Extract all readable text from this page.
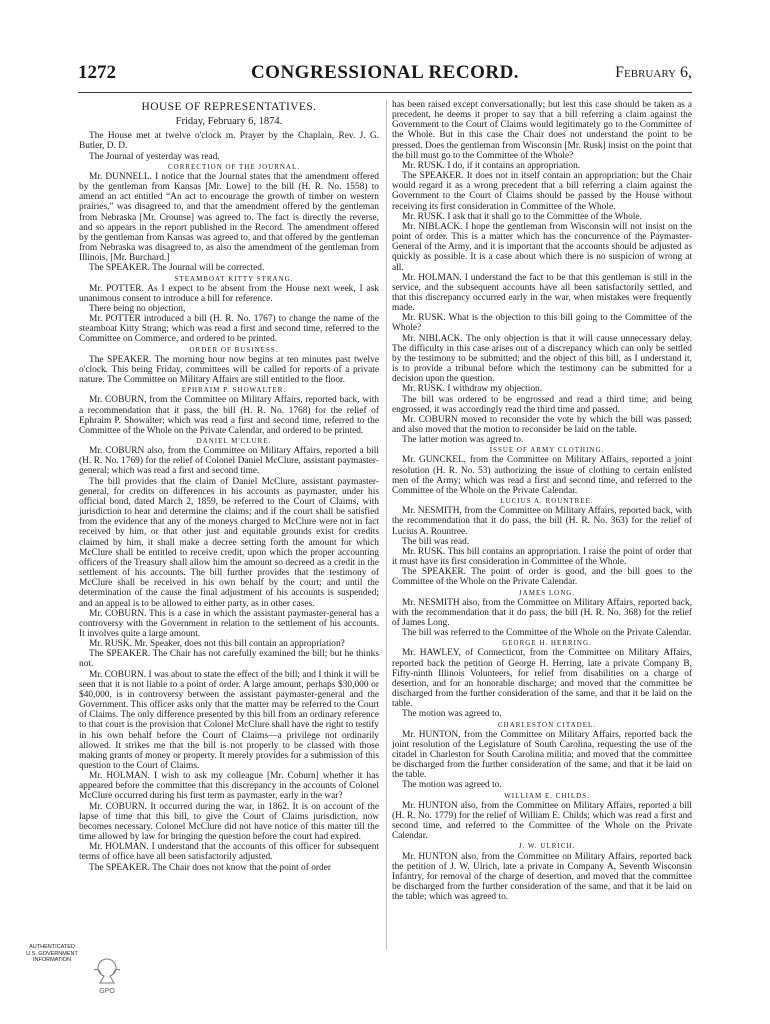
1272	CONGRESSIONAL RECORD.	February 6,
HOUSE OF REPRESENTATIVES.
Friday, February 6, 1874.

The House met at twelve o'clock m. Prayer by the Chaplain, Rev. J. G. Butler, D. D.

The Journal of yesterday was read.

CORRECTION OF THE JOURNAL.

Mr. DUNNELL. I notice that the Journal states that the amendment offered by the gentleman from Kansas [Mr. Lowe] to the bill (H. R. No. 1558) to amend an act entitled “An act to encourage the growth of timber on western prairies,” was disagreed to, and that the amendment offered by the gentleman from Nebraska [Mr. Crounse] was agreed to. The fact is directly the reverse, and so appears in the report published in the Record. The amendment offered by the gentleman from Kansas was agreed to, and that offered by the gentleman from Nebraska was disagreed to, as also the amendment of the gentleman from Illinois, [Mr. Burchard.]

The SPEAKER. The Journal will be corrected.

STEAMBOAT KITTY STRANG.

Mr. POTTER. As I expect to be absent from the House next week, I ask unanimous consent to introduce a bill for reference.

There being no objection,

Mr. POTTER introduced a bill (H. R. No. 1767) to change the name of the steamboat Kitty Strang; which was read a first and second time, referred to the Committee on Commerce, and ordered to be printed.

ORDER OF BUSINESS.

The SPEAKER. The morning hour now begins at ten minutes past twelve o'clock. This being Friday, committees will be called for reports of a private nature. The Committee on Military Affairs are still entitled to the floor.

EPHRAIM P. SHOWALTER.

Mr. COBURN, from the Committee on Military Affairs, reported back, with a recommendation that it pass, the bill (H. R. No. 1768) for the relief of Ephraim P. Showalter; which was read a first and second time, referred to the Committee of the Whole on the Private Calendar, and ordered to be printed.

DANIEL M'CLURE.

Mr. COBURN also, from the Committee on Military Affairs, reported a bill (H. R. No. 1769) for the relief of Colonel Daniel McClure, assistant paymaster-general; which was read a first and second time.

The bill provides that the claim of Daniel McClure, assistant paymaster-general, for credits on differences in his accounts as paymaster, under his official bond, dated March 2, 1859, be referred to the Court of Claims, with jurisdiction to hear and determine the claims; and if the court shall be satisfied from the evidence that any of the moneys charged to McClure were not in fact received by him, or that other just and equitable grounds exist for credits claimed by him, it shall make a decree setting forth the amount for which McClure shall be entitled to receive credit, upon which the proper accounting officers of the Treasury shall allow him the amount so decreed as a credit in the settlement of his accounts. The bill further provides that the testimony of McClure shall be received in his own behalf by the court; and until the determination of the cause the final adjustment of his accounts is suspended; and an appeal is to be allowed to either party, as in other cases.

Mr. COBURN. This is a case in which the assistant paymaster-general has a controversy with the Government in relation to the settlement of his accounts. It involves quite a large amount.

Mr. RUSK. Mr. Speaker, does not this bill contain an appropriation?

The SPEAKER. The Chair has not carefully examined the bill; but he thinks not.

Mr. COBURN. I was about to state the effect of the bill; and I think it will be seen that it is not liable to a point of order. A large amount, perhaps $30,000 or $40,000, is in controversy between the assistant paymaster-general and the Government. This officer asks only that the matter may be referred to the Court of Claims. The only difference presented by this bill from an ordinary reference to that court is the provision that Colonel McClure shall have the right to testify in his own behalf before the Court of Claims—a privilege not ordinarily allowed. It strikes me that the bill is not properly to be classed with those making grants of money or property. It merely provides for a submission of this question to the Court of Claims.

Mr. HOLMAN. I wish to ask my colleague [Mr. Coburn] whether it has appeared before the committee that this discrepancy in the accounts of Colonel McClure occurred during his first term as paymaster, early in the war?

Mr. COBURN. It occurred during the war, in 1862. It is on account of the lapse of time that this bill, to give the Court of Claims jurisdiction, now becomes necessary. Colonel McClure did not have notice of this matter till the time allowed by law for bringing the question before the court had expired.

Mr. HOLMAN. I understand that the accounts of this officer for subsequent terms of office have all been satisfactorily adjusted.

The SPEAKER. The Chair does not know that the point of order

has been raised except conversationally; but lest this case should be taken as a precedent, he deems it proper to say that a bill referring a claim against the Government to the Court of Claims would legitimately go to the Committee of the Whole. But in this case the Chair does not understand the point to be pressed. Does the gentleman from Wisconsin [Mr. Rusk] insist on the point that the bill must go to the Committee of the Whole?

Mr. RUSK. I do, if it contains an appropriation.

The SPEAKER. It does not in itself contain an appropriation; but the Chair would regard it as a wrong precedent that a bill referring a claim against the Government to the Court of Claims should be passed by the House without receiving its first consideration in Committee of the Whole.

Mr. RUSK. I ask that it shall go to the Committee of the Whole.

Mr. NIBLACK. I hope the gentleman from Wisconsin will not insist on the point of order. This is a matter which has the concurrence of the Paymaster-General of the Army, and it is important that the accounts should be adjusted as quickly as possible. It is a case about which there is no suspicion of wrong at all.

Mr. HOLMAN. I understand the fact to be that this gentleman is still in the service, and the subsequent accounts have all been satisfactorily settled, and that this discrepancy occurred early in the war, when mistakes were frequently made.

Mr. RUSK. What is the objection to this bill going to the Committee of the Whole?

Mr. NIBLACK. The only objection is that it will cause unnecessary delay. The difficulty in this case arises out of a discrepancy which can only be settled by the testimony to be submitted; and the object of this bill, as I understand it, is to provide a tribunal before which the testimony can be submitted for a decision upon the question.

Mr. RUSK. I withdraw my objection.

The bill was ordered to be engrossed and read a third time; and being engrossed, it was accordingly read the third time and passed.

Mr. COBURN moved to reconsider the vote by which the bill was passed; and also moved that the motion to reconsider be laid on the table.

The latter motion was agreed to.

ISSUE OF ARMY CLOTHING.

Mr. GUNCKEL, from the Committee on Military Affairs, reported a joint resolution (H. R. No. 53) authorizing the issue of clothing to certain enlisted men of the Army; which was read a first and second time, and referred to the Committee of the Whole on the Private Calendar.

LUCIUS A. ROUNTREE.

Mr. NESMITH, from the Committee on Military Affairs, reported back, with the recommendation that it do pass, the bill (H. R. No. 363) for the relief of Lucius A. Rountree.

The bill was read.

Mr. RUSK. This bill contains an appropriation. I raise the point of order that it must have its first consideration in Committee of the Whole.

The SPEAKER. The point of order is good, and the bill goes to the Committee of the Whole on the Private Calendar.

JAMES LONG.

Mr. NESMITH also, from the Committee on Military Affairs, reported back, with the recommendation that it do pass, the bill (H. R. No. 368) for the relief of James Long.

The bill was referred to the Committee of the Whole on the Private Calendar.

GEORGE H. HERRING.

Mr. HAWLEY, of Connecticut, from the Committee on Military Affairs, reported back the petition of George H. Herring, late a private Company B, Fifty-ninth Illinois Volunteers, for relief from disabilities on a charge of desertion, and for an honorable discharge; and moved that the committee be discharged from the further consideration of the same, and that it be laid on the table.

The motion was agreed to.

CHARLESTON CITADEL.

Mr. HUNTON, from the Committee on Military Affairs, reported back the joint resolution of the Legislature of South Carolina, requesting the use of the citadel in Charleston for South Carolina militia; and moved that the committee be discharged from the further consideration of the same, and that it be laid on the table.

The motion was agreed to.

WILLIAM E. CHILDS.

Mr. HUNTON also, from the Committee on Military Affairs, reported a bill (H. R. No. 1779) for the relief of William E. Childs; which was read a first and second time, and referred to the Committee of the Whole on the Private Calendar.

J. W. ULRICH.

Mr. HUNTON also, from the Committee on Military Affairs, reported back the petition of J. W. Ulrich, late a private in Company A, Seventh Wisconsin Infantry, for removal of the charge of desertion, and moved that the committee be discharged from the further consideration of the same, and that it be laid on the table; which was agreed to.

AUTHENTICATED
U.S. GOVERNMENT
INFORMATION
GPO
